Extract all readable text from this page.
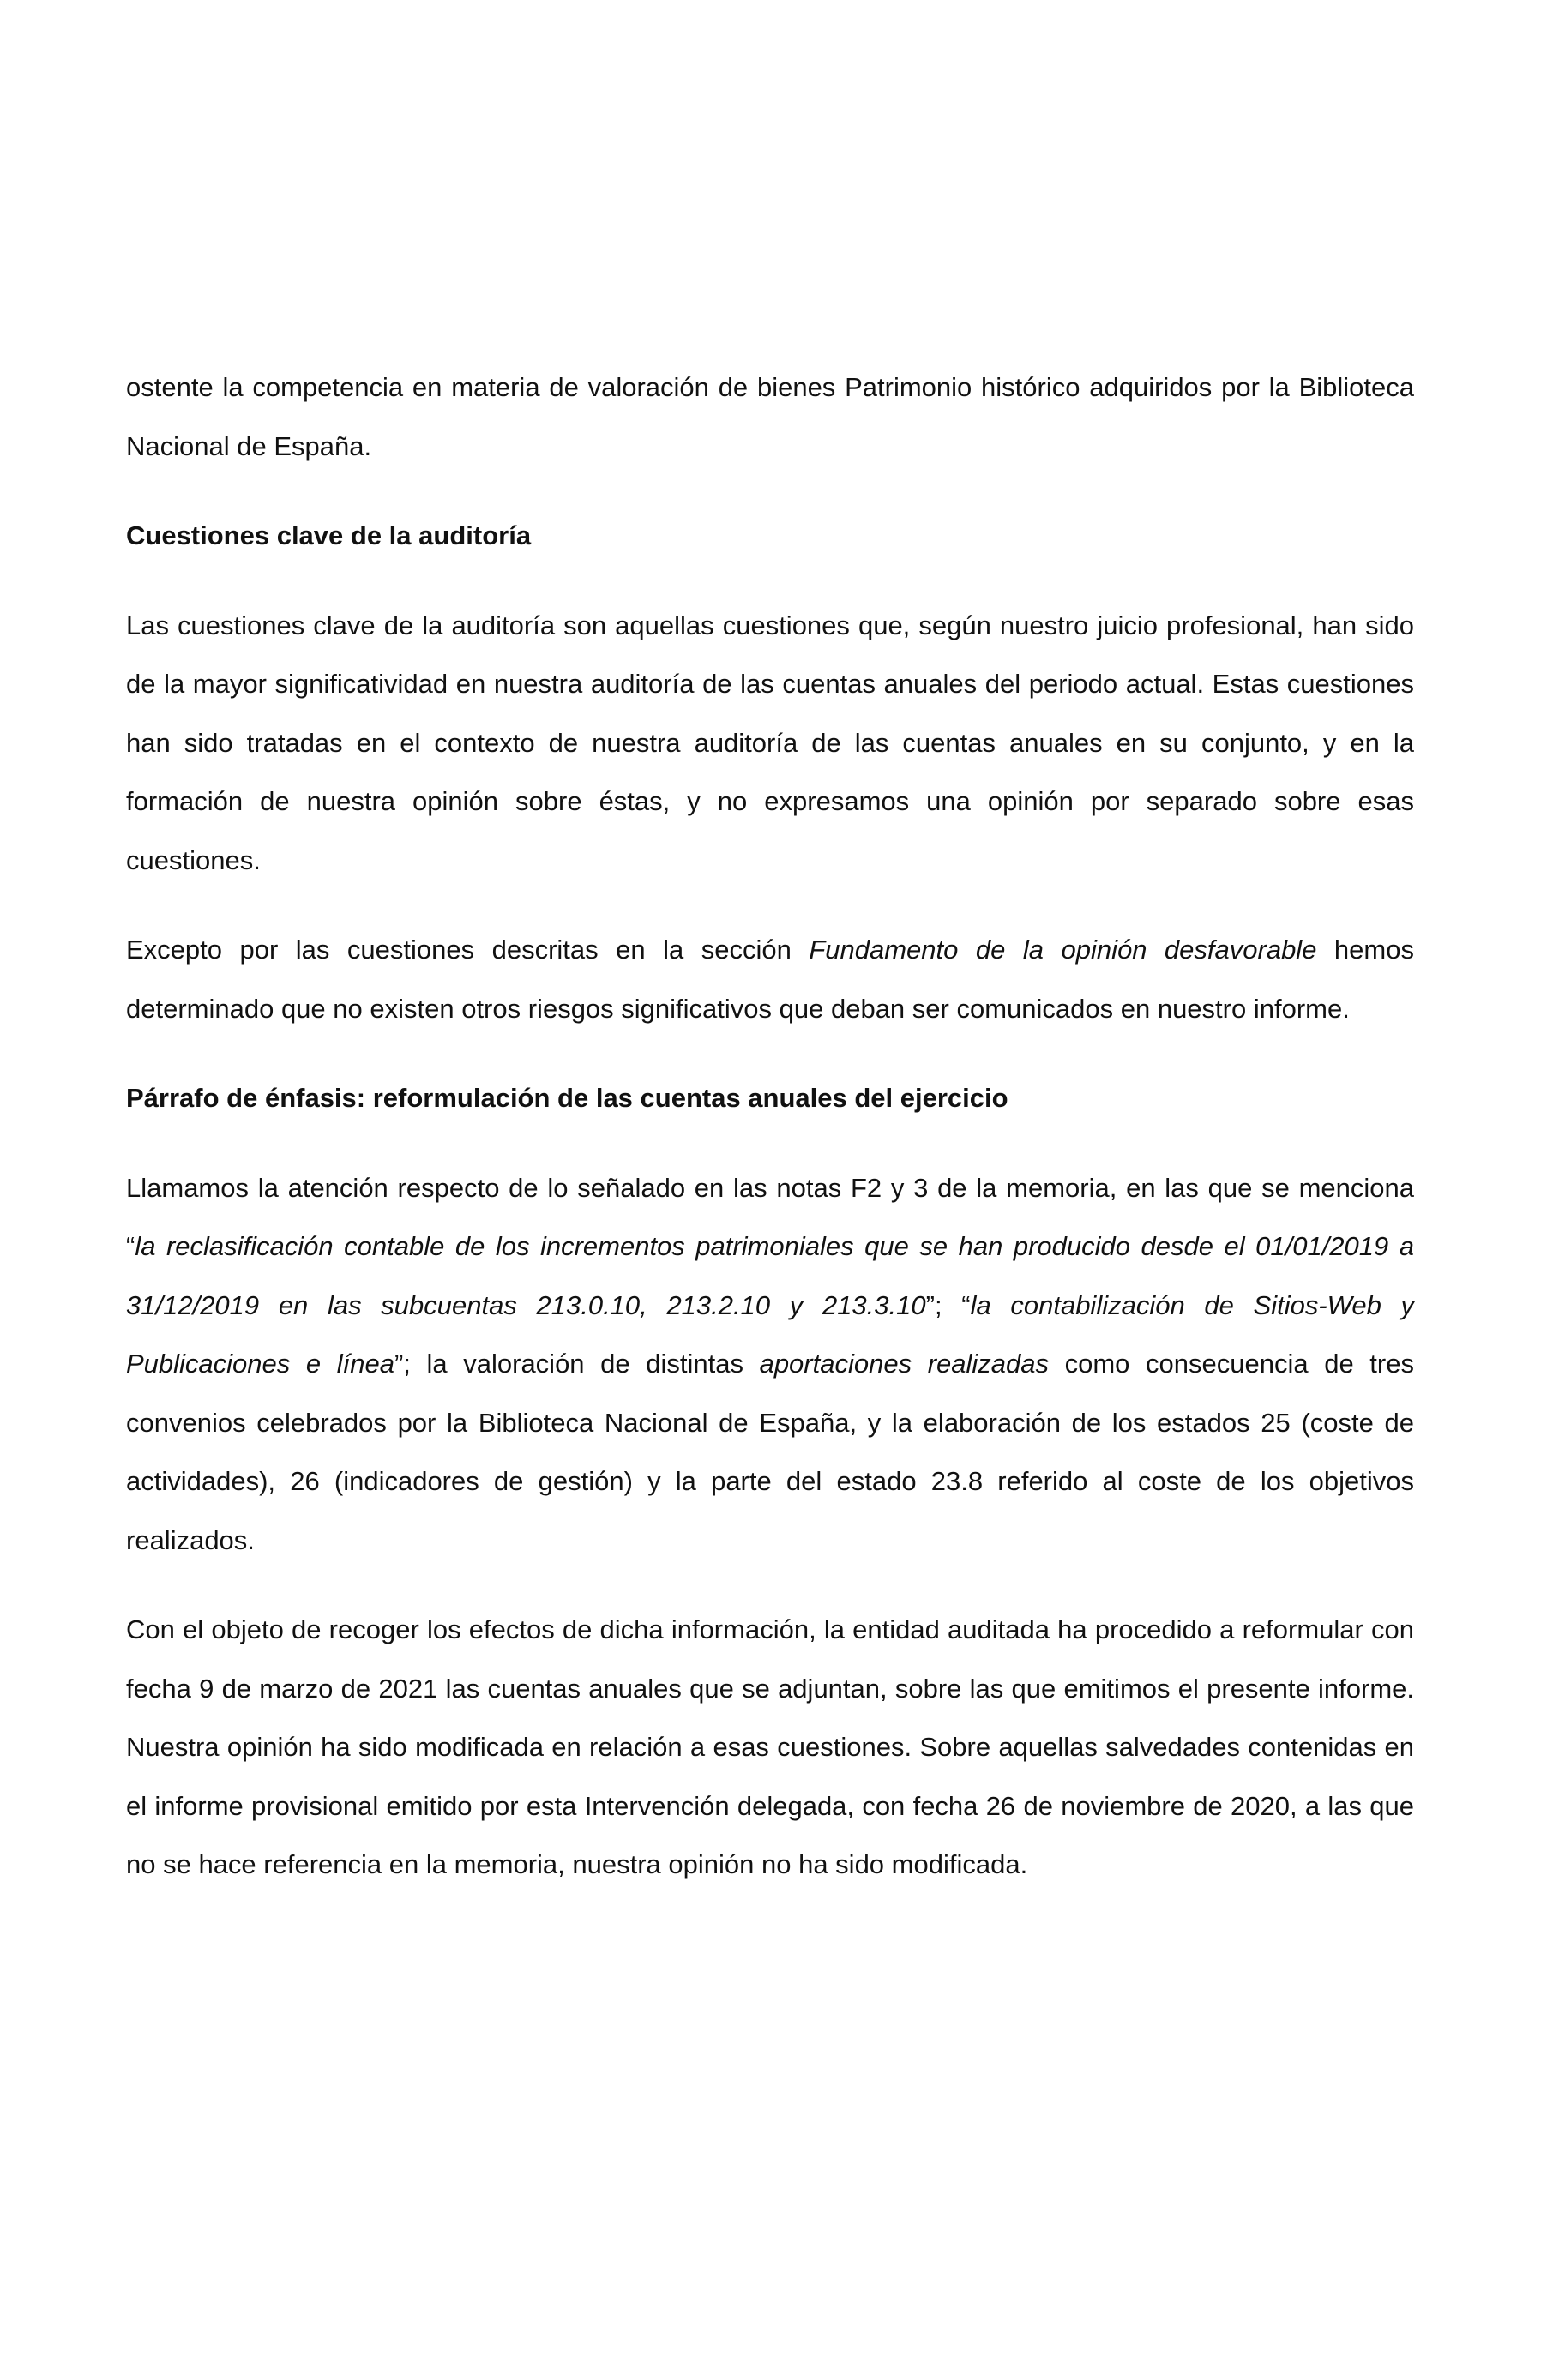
ostente la competencia en materia de valoración de bienes Patrimonio histórico adquiridos por la Biblioteca Nacional de España.

Cuestiones clave de la auditoría

Las cuestiones clave de la auditoría son aquellas cuestiones que, según nuestro juicio profesional, han sido de la mayor significatividad en nuestra auditoría de las cuentas anuales del periodo actual. Estas cuestiones han sido tratadas en el contexto de nuestra auditoría de las cuentas anuales en su conjunto, y en la formación de nuestra opinión sobre éstas, y no expresamos una opinión por separado sobre esas cuestiones.

Excepto por las cuestiones descritas en la sección Fundamento de la opinión desfavorable hemos determinado que no existen otros riesgos significativos que deban ser comunicados en nuestro informe.

Párrafo de énfasis: reformulación de las cuentas anuales del ejercicio

Llamamos la atención respecto de lo señalado en las notas F2 y 3 de la memoria, en las que se menciona “la reclasificación contable de los incrementos patrimoniales que se han producido desde el 01/01/2019 a 31/12/2019 en las subcuentas 213.0.10, 213.2.10 y 213.3.10”; “la contabilización de Sitios-Web y Publicaciones e línea”; la valoración de distintas aportaciones realizadas como consecuencia de tres convenios celebrados por la Biblioteca Nacional de España, y la elaboración de los estados 25 (coste de actividades), 26 (indicadores de gestión) y la parte del estado 23.8 referido al coste de los objetivos realizados.

Con el objeto de recoger los efectos de dicha información, la entidad auditada ha procedido a reformular con fecha 9 de marzo de 2021 las cuentas anuales que se adjuntan, sobre las que emitimos el presente informe. Nuestra opinión ha sido modificada en relación a esas cuestiones. Sobre aquellas salvedades contenidas en el informe provisional emitido por esta Intervención delegada, con fecha 26 de noviembre de 2020, a las que no se hace referencia en la memoria, nuestra opinión no ha sido modificada.
